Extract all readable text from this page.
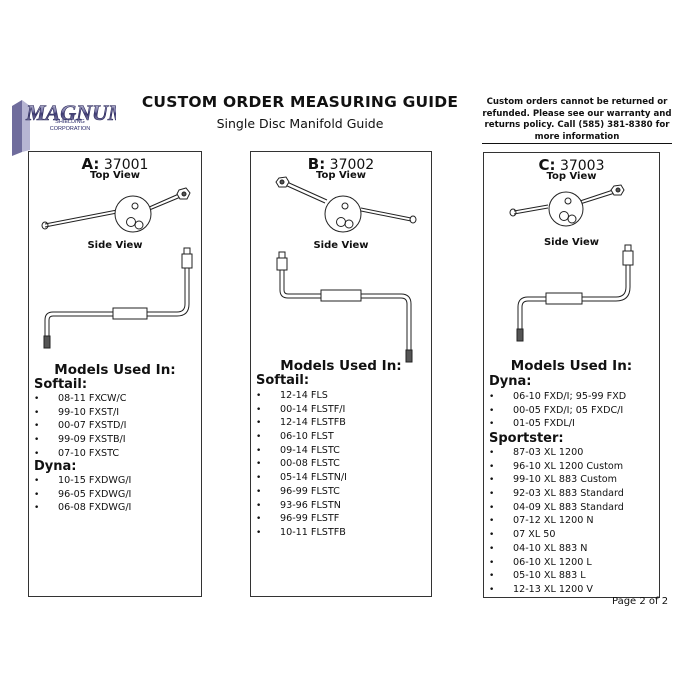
MAGNU
SHIELDING
CORPORATION
CUSTOM ORDER MEASURING GUIDE
Single Disc Manifold Guide
Custom orders cannot be returned or refunded. Please see our warranty and returns policy. Call (585) 381-8380 for more information
A: 37001
Top View
Side View
Models Used In:
Softail:
• 08-11 FXCW/C
• 99-10 FXST/I
• 00-07 FXSTD/I
• 99-09 FXSTB/I
• 07-10 FXSTC
Dyna:
• 10-15 FXDWG/I
• 96-05 FXDWG/I
• 06-08 FXDWG/I
B: 37002
Top View
Side View
Models Used In:
Softail:
• 12-14 FLS
• 00-14 FLSTF/I
• 12-14 FLSTFB
• 06-10 FLST
• 09-14 FLSTC
• 00-08 FLSTC
• 05-14 FLSTN/I
• 96-99 FLSTC
• 93-96 FLSTN
• 96-99 FLSTF
• 10-11 FLSTFB
C: 37003
Top View
Side View
Models Used In:
Dyna:
• 06-10 FXD/I; 95-99 FXD
• 00-05 FXD/I; 05 FXDC/I
• 01-05 FXDL/I
Sportster:
• 87-03 XL 1200
• 96-10 XL 1200 Custom
• 99-10 XL 883 Custom
• 92-03 XL 883 Standard
• 04-09 XL 883 Standard
• 07-12 XL 1200 N
• 07 XL 50
• 04-10 XL 883 N
• 06-10 XL 1200 L
• 05-10 XL 883 L
• 12-13 XL 1200 V
Page 2 of 2
